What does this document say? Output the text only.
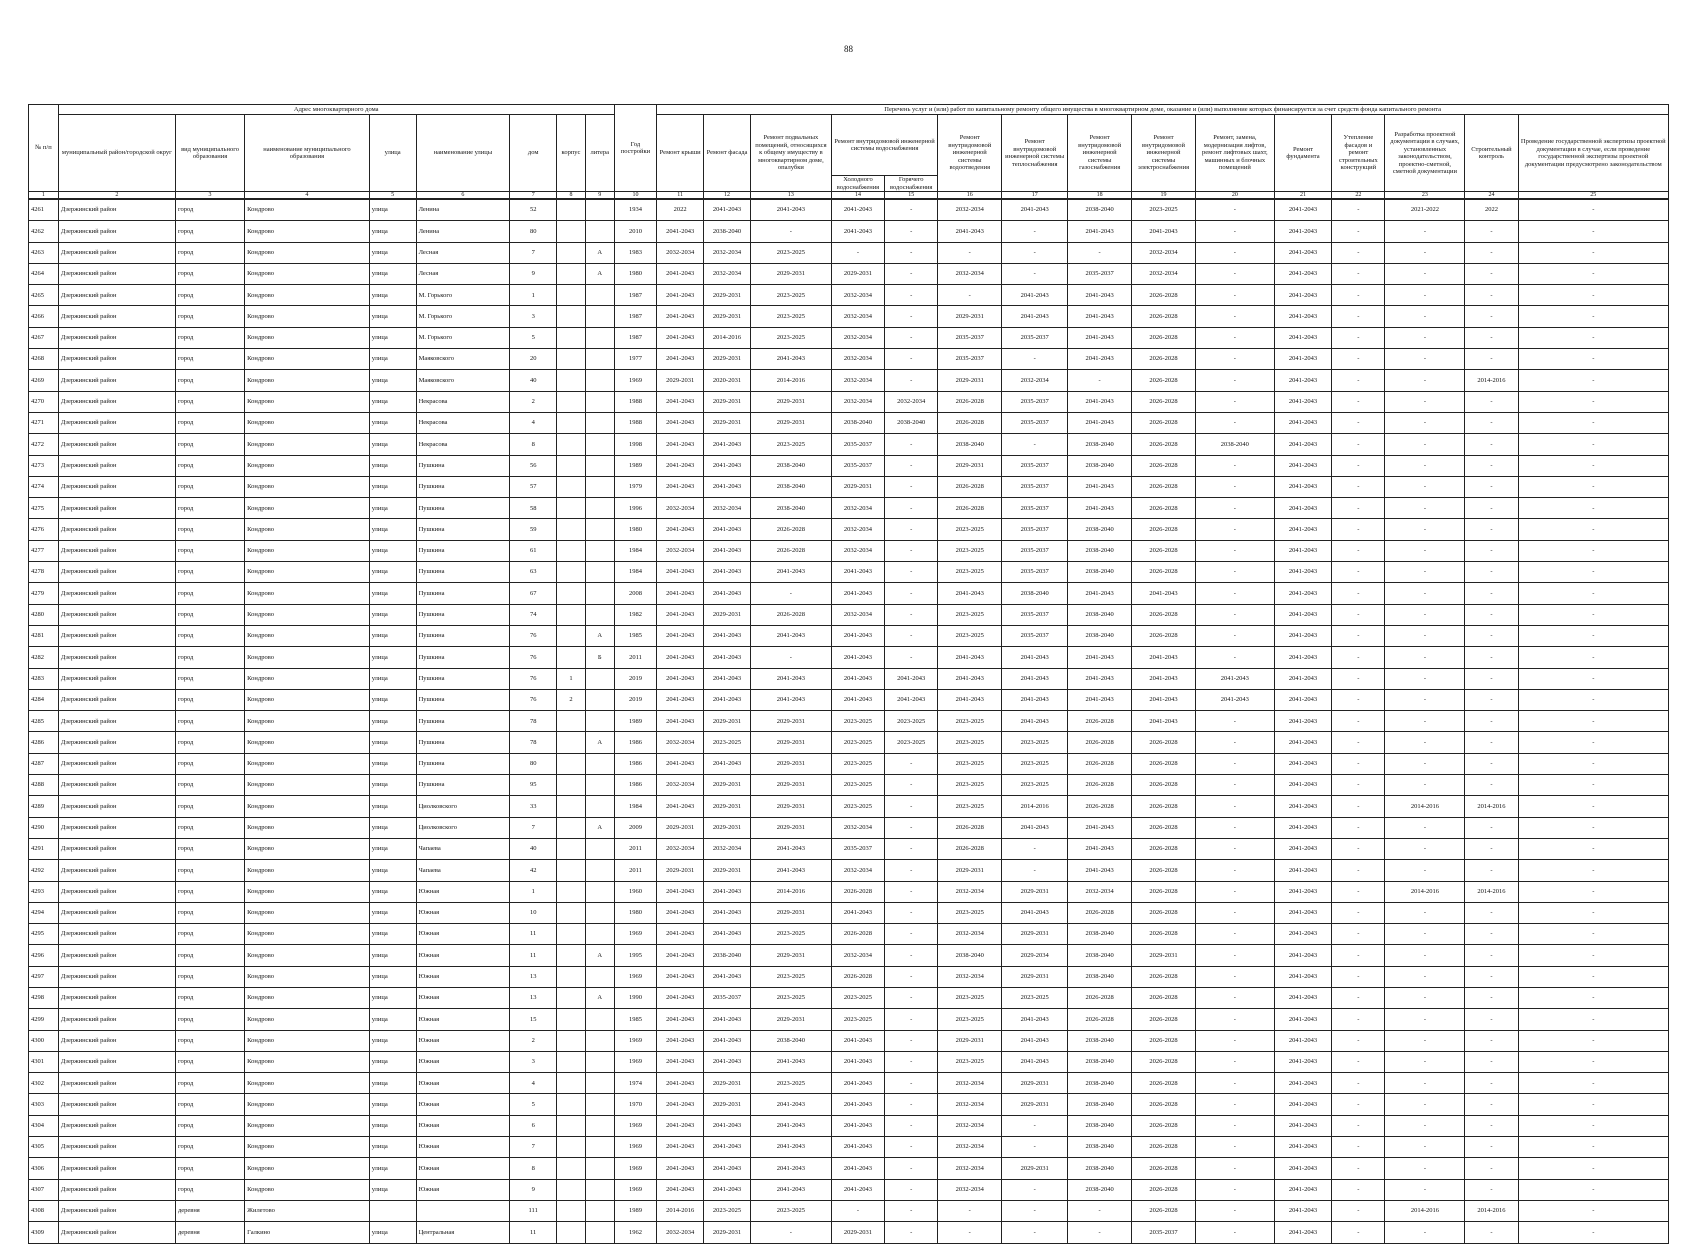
88
№ п/п	Адрес многоквартирного дома								Год постройки	Перечень услуг и (или) работ по капитальному ремонту общего имущества в многоквартирном доме, оказание и (или) выполнение которых финансируется за счет средств фонда капитального ремонта														
	муниципальный район/городской округ	вид муниципального образования	наименование муниципального образования	улица	наименование улицы	дом	корпус	литера		Ремонт крыши	Ремонт фасада	Ремонт подвальных помещений, относящихся к общему имуществу в многоквартирном доме, опалубки	Ремонт внутридомовой инженерной системы водоснабжения		Ремонт внутридомовой инженерной системы водоотведения	Ремонт внутридомовой инженерной системы теплоснабжения	Ремонт внутридомовой инженерной системы газоснабжения	Ремонт внутридомовой инженерной системы электроснабжения	Ремонт, замена, модернизация лифтов, ремонт лифтовых шахт, машинных и блочных помещений	Ремонт фундамента	Утепление фасадов и ремонт строительных конструкций	Разработка проектной документации в случаях, установленных законодательством, проектно-сметной, сметной документации	Строительный контроль	Проведение государственной экспертизы проектной документации в случае, если проведение государственной экспертизы проектной документации предусмотрено законодательством
													Холодного водоснабжения	Горячего водоснабжения										
1	2	3	4	5	6	7	8	9	10	11	12	13	14	15	16	17	18	19	20	21	22	23	24	25
4261	Дзержинский район	город	Кондрово	улица	Ленина	52			1934	2022	2041-2043	2041-2043	2041-2043	-	2032-2034	2041-2043	2038-2040	2023-2025	-	2041-2043	-	2021-2022	2022	-
4262	Дзержинский район	город	Кондрово	улица	Ленина	80			2010	2041-2043	2038-2040	-	2041-2043	-	2041-2043	-	2041-2043	2041-2043	-	2041-2043	-	-	-	-
4263	Дзержинский район	город	Кондрово	улица	Лесная	7		А	1983	2032-2034	2032-2034	2023-2025	-	-	-	-	-	2032-2034	-	2041-2043	-	-	-	-
4264	Дзержинский район	город	Кондрово	улица	Лесная	9		А	1980	2041-2043	2032-2034	2029-2031	2029-2031	-	2032-2034	-	2035-2037	2032-2034	-	2041-2043	-	-	-	-
4265	Дзержинский район	город	Кондрово	улица	М. Горького	1			1987	2041-2043	2029-2031	2023-2025	2032-2034	-	-	2041-2043	2041-2043	2026-2028	-	2041-2043	-	-	-	-
4266	Дзержинский район	город	Кондрово	улица	М. Горького	3			1987	2041-2043	2029-2031	2023-2025	2032-2034	-	2029-2031	2041-2043	2041-2043	2026-2028	-	2041-2043	-	-	-	-
4267	Дзержинский район	город	Кондрово	улица	М. Горького	5			1987	2041-2043	2014-2016	2023-2025	2032-2034	-	2035-2037	2035-2037	2041-2043	2026-2028	-	2041-2043	-	-	-	-
4268	Дзержинский район	город	Кондрово	улица	Маяковского	20			1977	2041-2043	2029-2031	2041-2043	2032-2034	-	2035-2037	-	2041-2043	2026-2028	-	2041-2043	-	-	-	-
4269	Дзержинский район	город	Кондрово	улица	Маяковского	40			1969	2029-2031	2020-2031	2014-2016	2032-2034	-	2029-2031	2032-2034	-	2026-2028	-	2041-2043	-	-	2014-2016	-
4270	Дзержинский район	город	Кондрово	улица	Некрасова	2			1988	2041-2043	2029-2031	2029-2031	2032-2034	2032-2034	2026-2028	2035-2037	2041-2043	2026-2028	-	2041-2043	-	-	-	-
4271	Дзержинский район	город	Кондрово	улица	Некрасова	4			1988	2041-2043	2029-2031	2029-2031	2038-2040	2038-2040	2026-2028	2035-2037	2041-2043	2026-2028	-	2041-2043	-	-	-	-
4272	Дзержинский район	город	Кондрово	улица	Некрасова	8			1998	2041-2043	2041-2043	2023-2025	2035-2037	-	2038-2040	-	2038-2040	2026-2028	2038-2040	2041-2043	-	-	-	-
4273	Дзержинский район	город	Кондрово	улица	Пушкина	56			1989	2041-2043	2041-2043	2038-2040	2035-2037	-	2029-2031	2035-2037	2038-2040	2026-2028	-	2041-2043	-	-	-	-
4274	Дзержинский район	город	Кондрово	улица	Пушкина	57			1979	2041-2043	2041-2043	2038-2040	2029-2031	-	2026-2028	2035-2037	2041-2043	2026-2028	-	2041-2043	-	-	-	-
4275	Дзержинский район	город	Кондрово	улица	Пушкина	58			1996	2032-2034	2032-2034	2038-2040	2032-2034	-	2026-2028	2035-2037	2041-2043	2026-2028	-	2041-2043	-	-	-	-
4276	Дзержинский район	город	Кондрово	улица	Пушкина	59			1980	2041-2043	2041-2043	2026-2028	2032-2034	-	2023-2025	2035-2037	2038-2040	2026-2028	-	2041-2043	-	-	-	-
4277	Дзержинский район	город	Кондрово	улица	Пушкина	61			1984	2032-2034	2041-2043	2026-2028	2032-2034	-	2023-2025	2035-2037	2038-2040	2026-2028	-	2041-2043	-	-	-	-
4278	Дзержинский район	город	Кондрово	улица	Пушкина	63			1984	2041-2043	2041-2043	2041-2043	2041-2043	-	2023-2025	2035-2037	2038-2040	2026-2028	-	2041-2043	-	-	-	-
4279	Дзержинский район	город	Кондрово	улица	Пушкина	67			2008	2041-2043	2041-2043	-	2041-2043	-	2041-2043	2038-2040	2041-2043	2041-2043	-	2041-2043	-	-	-	-
4280	Дзержинский район	город	Кондрово	улица	Пушкина	74			1982	2041-2043	2029-2031	2026-2028	2032-2034	-	2023-2025	2035-2037	2038-2040	2026-2028	-	2041-2043	-	-	-	-
4281	Дзержинский район	город	Кондрово	улица	Пушкина	76		А	1985	2041-2043	2041-2043	2041-2043	2041-2043	-	2023-2025	2035-2037	2038-2040	2026-2028	-	2041-2043	-	-	-	-
4282	Дзержинский район	город	Кондрово	улица	Пушкина	76		Б	2011	2041-2043	2041-2043	-	2041-2043	-	2041-2043	2041-2043	2041-2043	2041-2043	-	2041-2043	-	-	-	-
4283	Дзержинский район	город	Кондрово	улица	Пушкина	76	1		2019	2041-2043	2041-2043	2041-2043	2041-2043	2041-2043	2041-2043	2041-2043	2041-2043	2041-2043	2041-2043	2041-2043	-	-	-	-
4284	Дзержинский район	город	Кондрово	улица	Пушкина	76	2		2019	2041-2043	2041-2043	2041-2043	2041-2043	2041-2043	2041-2043	2041-2043	2041-2043	2041-2043	2041-2043	2041-2043	-	-	-	-
4285	Дзержинский район	город	Кондрово	улица	Пушкина	78			1989	2041-2043	2029-2031	2029-2031	2023-2025	2023-2025	2023-2025	2041-2043	2026-2028	2041-2043	-	2041-2043	-	-	-	-
4286	Дзержинский район	город	Кондрово	улица	Пушкина	78		А	1986	2032-2034	2023-2025	2029-2031	2023-2025	2023-2025	2023-2025	2023-2025	2026-2028	2026-2028	-	2041-2043	-	-	-	-
4287	Дзержинский район	город	Кондрово	улица	Пушкина	80			1986	2041-2043	2041-2043	2029-2031	2023-2025	-	2023-2025	2023-2025	2026-2028	2026-2028	-	2041-2043	-	-	-	-
4288	Дзержинский район	город	Кондрово	улица	Пушкина	95			1986	2032-2034	2029-2031	2029-2031	2023-2025	-	2023-2025	2023-2025	2026-2028	2026-2028	-	2041-2043	-	-	-	-
4289	Дзержинский район	город	Кондрово	улица	Циолковского	33			1984	2041-2043	2029-2031	2029-2031	2023-2025	-	2023-2025	2014-2016	2026-2028	2026-2028	-	2041-2043	-	2014-2016	2014-2016	-
4290	Дзержинский район	город	Кондрово	улица	Циолковского	7		А	2009	2029-2031	2029-2031	2029-2031	2032-2034	-	2026-2028	2041-2043	2041-2043	2026-2028	-	2041-2043	-	-	-	-
4291	Дзержинский район	город	Кондрово	улица	Чапаева	40			2011	2032-2034	2032-2034	2041-2043	2035-2037	-	2026-2028	-	2041-2043	2026-2028	-	2041-2043	-	-	-	-
4292	Дзержинский район	город	Кондрово	улица	Чапаева	42			2011	2029-2031	2029-2031	2041-2043	2032-2034	-	2029-2031	-	2041-2043	2026-2028	-	2041-2043	-	-	-	-
4293	Дзержинский район	город	Кондрово	улица	Южная	1			1960	2041-2043	2041-2043	2014-2016	2026-2028	-	2032-2034	2029-2031	2032-2034	2026-2028	-	2041-2043	-	2014-2016	2014-2016	-
4294	Дзержинский район	город	Кондрово	улица	Южная	10			1980	2041-2043	2041-2043	2029-2031	2041-2043	-	2023-2025	2041-2043	2026-2028	2026-2028	-	2041-2043	-	-	-	-
4295	Дзержинский район	город	Кондрово	улица	Южная	11			1969	2041-2043	2041-2043	2023-2025	2026-2028	-	2032-2034	2029-2031	2038-2040	2026-2028	-	2041-2043	-	-	-	-
4296	Дзержинский район	город	Кондрово	улица	Южная	11		А	1995	2041-2043	2038-2040	2029-2031	2032-2034	-	2038-2040	2029-2034	2038-2040	2029-2031	-	2041-2043	-	-	-	-
4297	Дзержинский район	город	Кондрово	улица	Южная	13			1969	2041-2043	2041-2043	2023-2025	2026-2028	-	2032-2034	2029-2031	2038-2040	2026-2028	-	2041-2043	-	-	-	-
4298	Дзержинский район	город	Кондрово	улица	Южная	13		А	1990	2041-2043	2035-2037	2023-2025	2023-2025	-	2023-2025	2023-2025	2026-2028	2026-2028	-	2041-2043	-	-	-	-
4299	Дзержинский район	город	Кондрово	улица	Южная	15			1985	2041-2043	2041-2043	2029-2031	2023-2025	-	2023-2025	2041-2043	2026-2028	2026-2028	-	2041-2043	-	-	-	-
4300	Дзержинский район	город	Кондрово	улица	Южная	2			1969	2041-2043	2041-2043	2038-2040	2041-2043	-	2029-2031	2041-2043	2038-2040	2026-2028	-	2041-2043	-	-	-	-
4301	Дзержинский район	город	Кондрово	улица	Южная	3			1969	2041-2043	2041-2043	2041-2043	2041-2043	-	2023-2025	2041-2043	2038-2040	2026-2028	-	2041-2043	-	-	-	-
4302	Дзержинский район	город	Кондрово	улица	Южная	4			1974	2041-2043	2029-2031	2023-2025	2041-2043	-	2032-2034	2029-2031	2038-2040	2026-2028	-	2041-2043	-	-	-	-
4303	Дзержинский район	город	Кондрово	улица	Южная	5			1970	2041-2043	2029-2031	2041-2043	2041-2043	-	2032-2034	2029-2031	2038-2040	2026-2028	-	2041-2043	-	-	-	-
4304	Дзержинский район	город	Кондрово	улица	Южная	6			1969	2041-2043	2041-2043	2041-2043	2041-2043	-	2032-2034	-	2038-2040	2026-2028	-	2041-2043	-	-	-	-
4305	Дзержинский район	город	Кондрово	улица	Южная	7			1969	2041-2043	2041-2043	2041-2043	2041-2043	-	2032-2034	-	2038-2040	2026-2028	-	2041-2043	-	-	-	-
4306	Дзержинский район	город	Кондрово	улица	Южная	8			1969	2041-2043	2041-2043	2041-2043	2041-2043	-	2032-2034	2029-2031	2038-2040	2026-2028	-	2041-2043	-	-	-	-
4307	Дзержинский район	город	Кондрово	улица	Южная	9			1969	2041-2043	2041-2043	2041-2043	2041-2043	-	2032-2034	-	2038-2040	2026-2028	-	2041-2043	-	-	-	-
4308	Дзержинский район	деревня	Жилетово			111			1989	2014-2016	2023-2025	2023-2025	-	-	-	-	-	2026-2028	-	2041-2043	-	2014-2016	2014-2016	-
4309	Дзержинский район	деревня	Галкино	улица	Центральная	11			1962	2032-2034	2029-2031	-	2029-2031	-	-	-	-	2035-2037	-	2041-2043	-	-	-	-
